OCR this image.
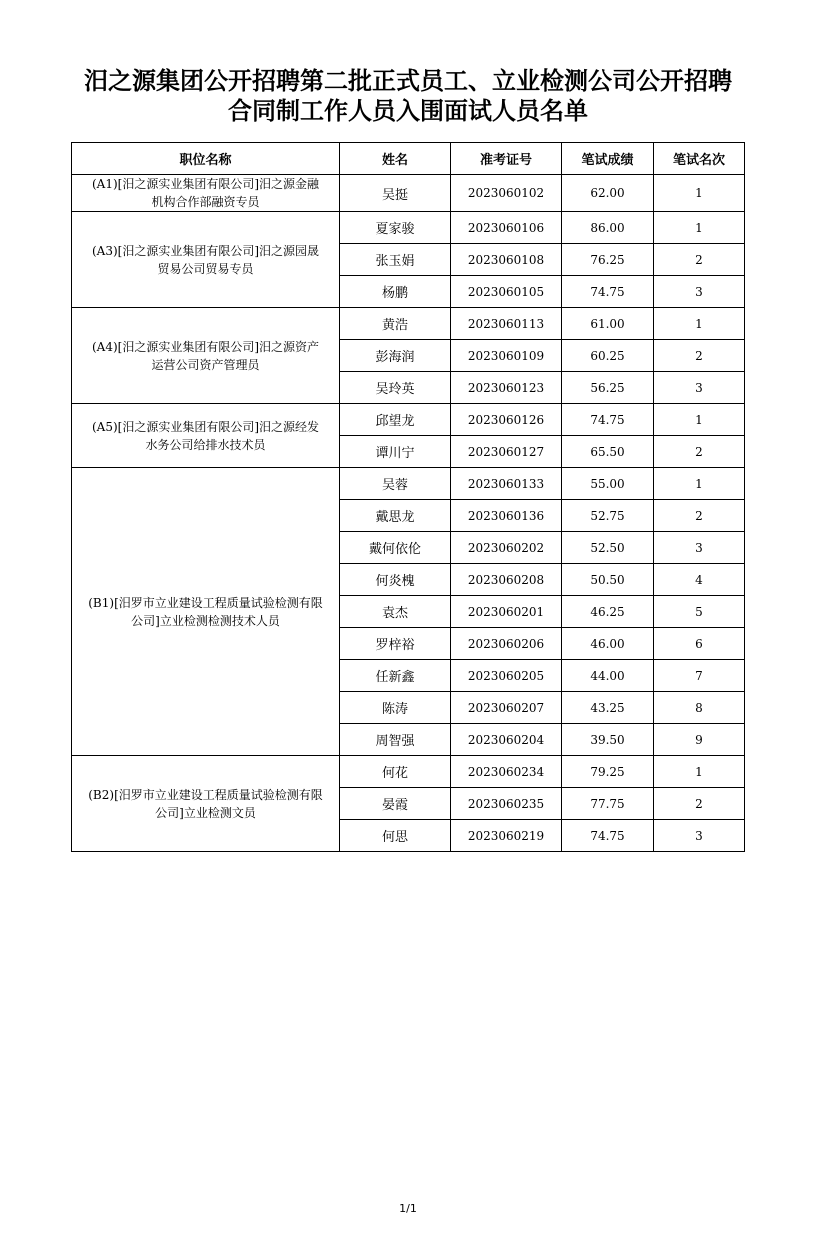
汨之源集团公开招聘第二批正式员工、立业检测公司公开招聘
合同制工作人员入围面试人员名单
职位名称	姓名	准考证号	笔试成绩	笔试名次

(A1)[汨之源实业集团有限公司]汨之源金融
机构合作部融资专员	吴挺	2023060102	62.00	1

(A3)[汨之源实业集团有限公司]汨之源园晟
贸易公司贸易专员	夏家骏	2023060106	86.00	1
	张玉娟	2023060108	76.25	2
	杨鹏	2023060105	74.75	3

(A4)[汨之源实业集团有限公司]汨之源资产
运营公司资产管理员	黄浩	2023060113	61.00	1
	彭海润	2023060109	60.25	2
	吴玲英	2023060123	56.25	3

(A5)[汨之源实业集团有限公司]汨之源经发
水务公司给排水技术员	邱望龙	2023060126	74.75	1
	谭川宁	2023060127	65.50	2

(B1)[汨罗市立业建设工程质量试验检测有限
公司]立业检测检测技术人员	吴蓉	2023060133	55.00	1
	戴思龙	2023060136	52.75	2
	戴何依伦	2023060202	52.50	3
	何炎槐	2023060208	50.50	4
	袁杰	2023060201	46.25	5
	罗梓裕	2023060206	46.00	6
	任新鑫	2023060205	44.00	7
	陈涛	2023060207	43.25	8
	周智强	2023060204	39.50	9

(B2)[汨罗市立业建设工程质量试验检测有限
公司]立业检测文员	何花	2023060234	79.25	1
	晏霞	2023060235	77.75	2
	何思	2023060219	74.75	3
1/1
